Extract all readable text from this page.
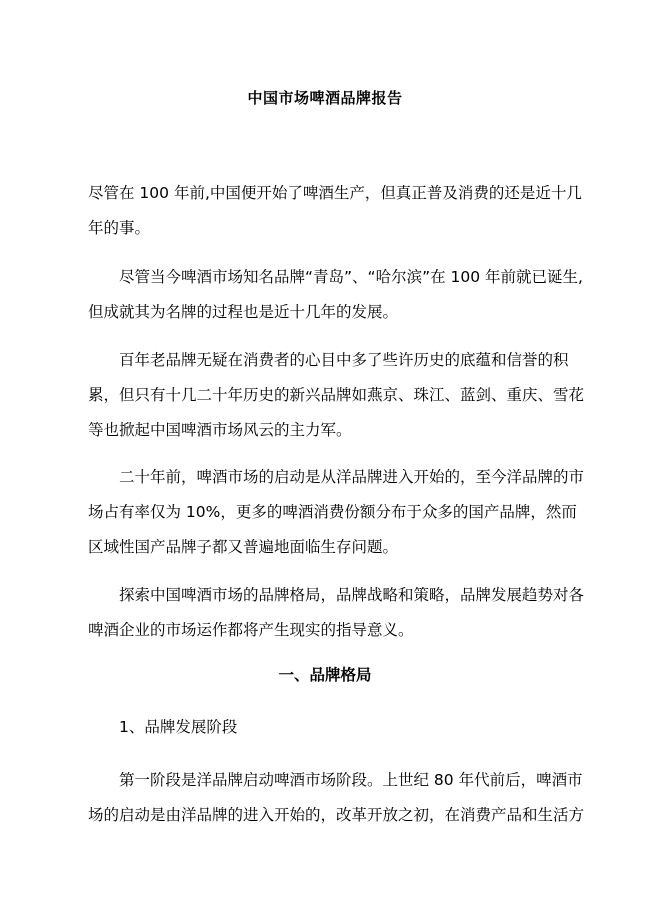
中国市场啤酒品牌报告

尽管在 100 年前,中国便开始了啤酒生产，但真正普及消费的还是近十几
年的事。

尽管当今啤酒市场知名品牌“青岛”、“哈尔滨”在 100 年前就已诞生,
但成就其为名牌的过程也是近十几年的发展。

百年老品牌无疑在消费者的心目中多了些许历史的底蕴和信誉的积
累，但只有十几二十年历史的新兴品牌如燕京、珠江、蓝剑、重庆、雪花
等也掀起中国啤酒市场风云的主力军。

二十年前，啤酒市场的启动是从洋品牌进入开始的，至今洋品牌的市
场占有率仅为 10%，更多的啤酒消费份额分布于众多的国产品牌，然而
区域性国产品牌子都又普遍地面临生存问题。

探索中国啤酒市场的品牌格局，品牌战略和策略，品牌发展趋势对各
啤酒企业的市场运作都将产生现实的指导意义。

一、品牌格局
1、品牌发展阶段

第一阶段是洋品牌启动啤酒市场阶段。上世纪 80 年代前后，啤酒市
场的启动是由洋品牌的进入开始的，改革开放之初，在消费产品和生活方
